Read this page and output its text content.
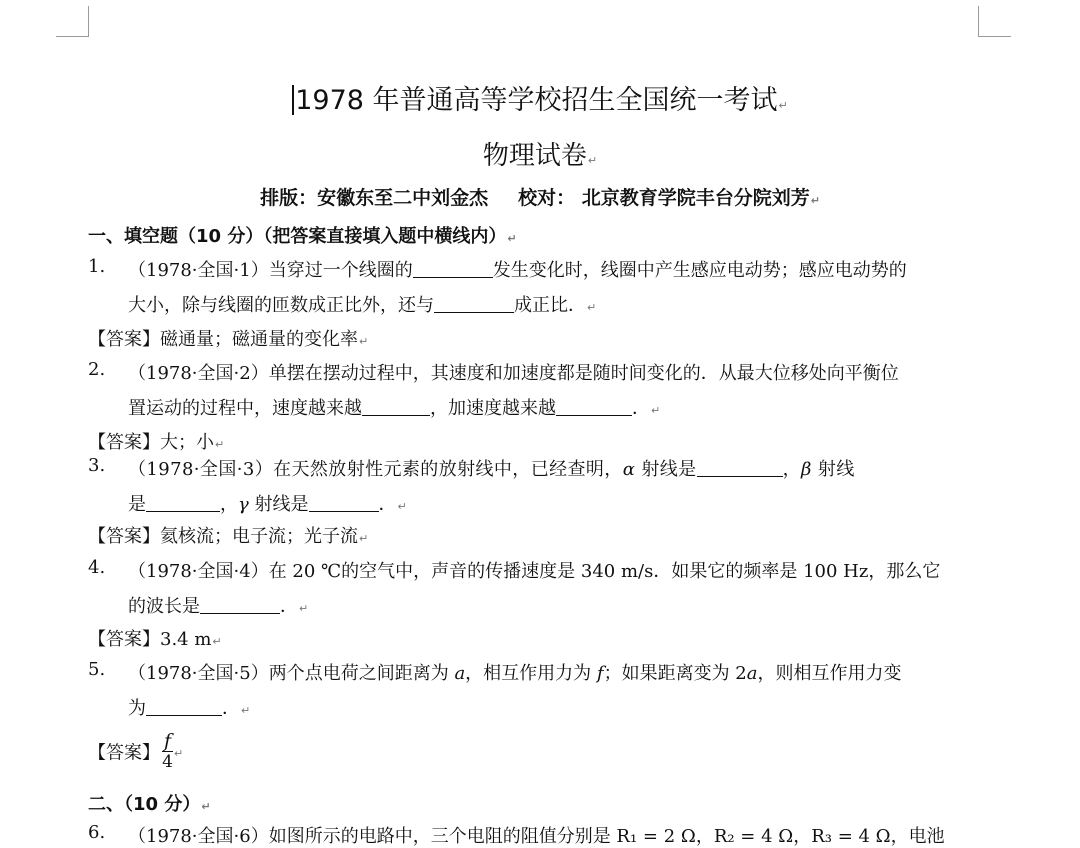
1978 年普通高等学校招生全国统一考试↵
物理试卷↵
排版：安徽东至二中刘金杰 校对： 北京教育学院丰台分院刘芳↵
一、填空题（10 分）（把答案直接填入题中横线内）↵
1. （1978·全国·1）当穿过一个线圈的	发生变化时，线圈中产生感应电动势；感应电动势的
大小，除与线圈的匝数成正比外，还与	成正比．↵
【答案】磁通量；磁通量的变化率↵
2. （1978·全国·2）单摆在摆动过程中，其速度和加速度都是随时间变化的．从最大位移处向平衡位
置运动的过程中，速度越来越	，加速度越来越	．↵
【答案】大；小↵
3. （1978·全国·3）在天然放射性元素的放射线中，已经查明，α 射线是	，β 射线
是	，γ 射线是	．↵
【答案】氦核流；电子流；光子流↵
4. （1978·全国·4）在 20 ℃的空气中，声音的传播速度是 340 m/s．如果它的频率是 100 Hz，那么它
的波长是	．↵
【答案】3.4 m↵
5. （1978·全国·5）两个点电荷之间距离为 a，相互作用力为 f；如果距离变为 2a，则相互作用力变
为	．↵
【答案】 $\frac{f}{4}$ ↵
二、（10 分）↵
6. （1978·全国·6）如图所示的电路中，三个电阻的阻值分别是 R₁ = 2 Ω，R₂ = 4 Ω，R₃ = 4 Ω，电池
